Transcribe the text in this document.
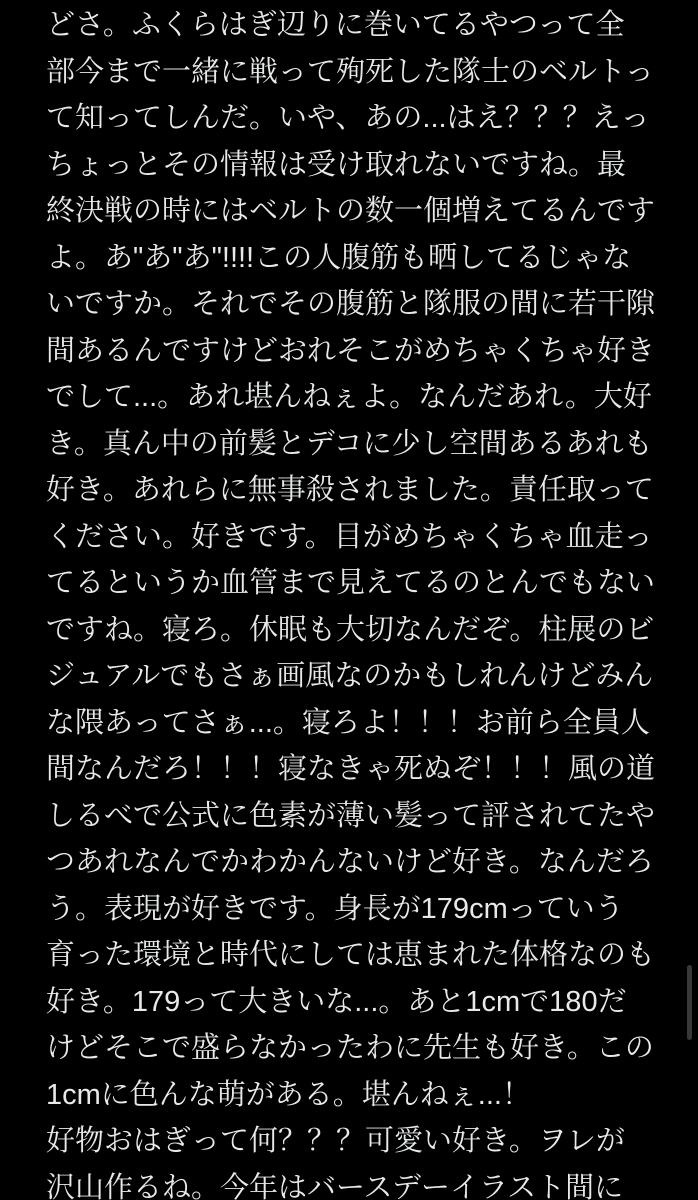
どさ。ふくらはぎ辺りに巻いてるやつって全
部今まで一緒に戦って殉死した隊士のベルトっ
て知ってしんだ。いや、あの...はえ？？？えっ
ちょっとその情報は受け取れないですね。最
終決戦の時にはベルトの数一個増えてるんです
よ。あ"あ"あ"!!!!この人腹筋も晒してるじゃな
いですか。それでその腹筋と隊服の間に若干隙
間あるんですけどおれそこがめちゃくちゃ好き
でして...。あれ堪んねぇよ。なんだあれ。大好
き。真ん中の前髪とデコに少し空間あるあれも
好き。あれらに無事殺されました。責任取って
ください。好きです。目がめちゃくちゃ血走っ
てるというか血管まで見えてるのとんでもない
ですね。寝ろ。休眠も大切なんだぞ。柱展のビ
ジュアルでもさぁ画風なのかもしれんけどみん
な隈あってさぁ...。寝ろよ！！！お前ら全員人
間なんだろ！！！寝なきゃ死ぬぞ！！！風の道
しるべで公式に色素が薄い髪って評されてたや
つあれなんでかわかんないけど好き。なんだろ
う。表現が好きです。身長が179cmっていう
育った環境と時代にしては恵まれた体格なのも
好き。179って大きいな...。あと1cmで180だ
けどそこで盛らなかったわに先生も好き。この
1cmに色んな萌がある。堪んねぇ...！
好物おはぎって何？？？可愛い好き。ヲレが
沢山作るね。今年はバースデーイラスト間に
